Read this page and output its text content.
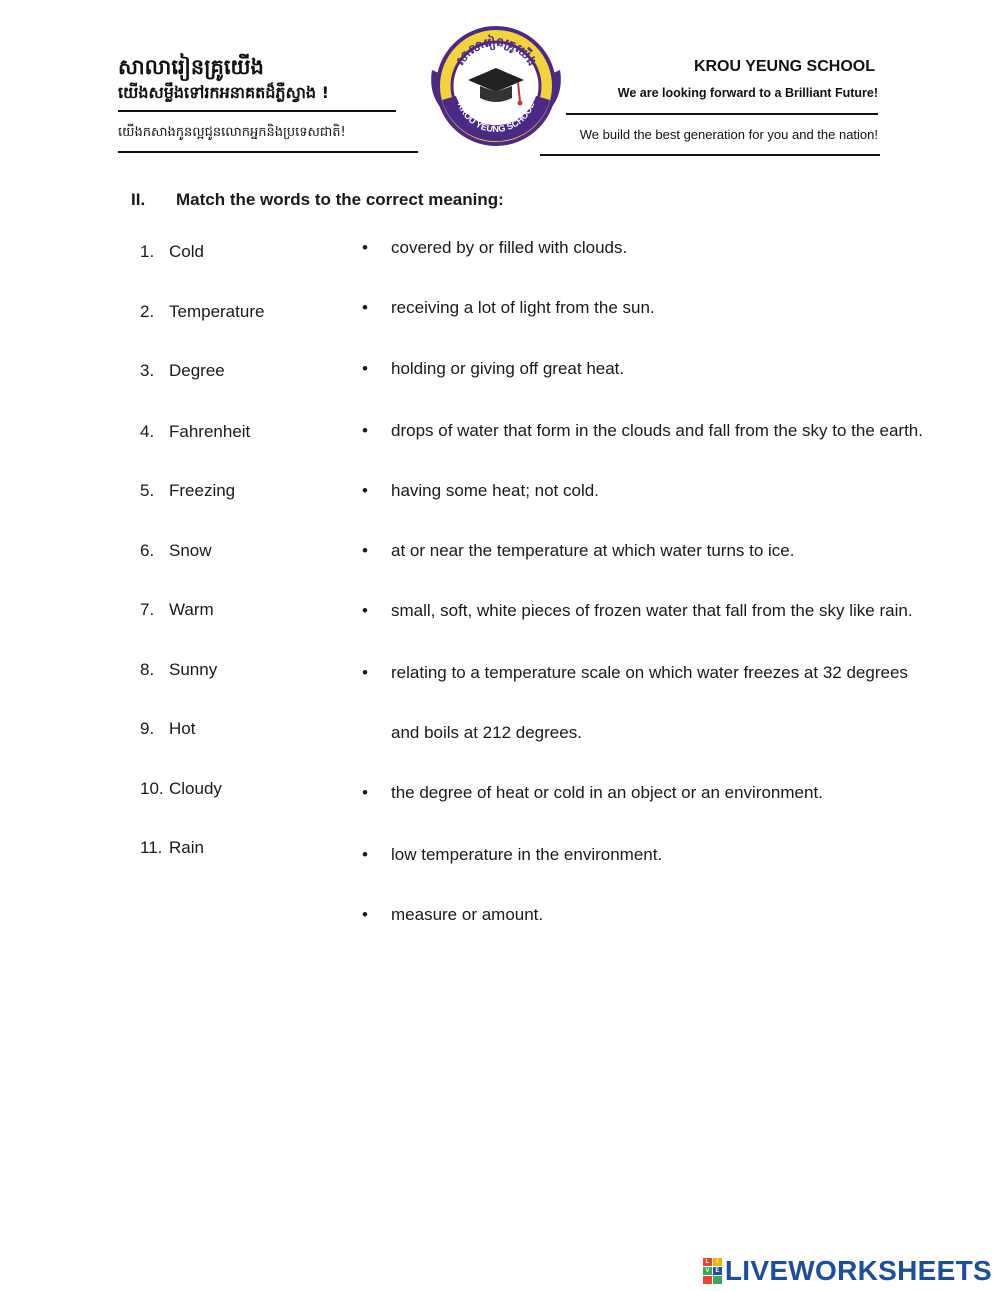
សាលារៀនគ្រូយើង
យើងសម្លឹងទៅរកអនាគតដ៏ភ្លឺស្វាង !
យើងកសាងកូនល្អជូនលោកអ្នកនិងប្រទេសជាតិ!
KROU YEUNG SCHOOL
We are looking forward to a Brilliant Future!
We build the best generation for you and the nation!
សាលារៀនគ្រូយើង
KROU YEUNG SCHOOL
II. Match the words to the correct meaning:
1. Cold
2. Temperature
3. Degree
4. Fahrenheit
5. Freezing
6. Snow
7. Warm
8. Sunny
9. Hot
10. Cloudy
11. Rain
• covered by or filled with clouds.
• receiving a lot of light from the sun.
• holding or giving off great heat.
• drops of water that form in the clouds and fall from the sky to the earth.
• having some heat; not cold.
• at or near the temperature at which water turns to ice.
• small, soft, white pieces of frozen water that fall from the sky like rain.
• relating to a temperature scale on which water freezes at 32 degrees
and boils at 212 degrees.
• the degree of heat or cold in an object or an environment.
• low temperature in the environment.
• measure or amount.
L	I
V E LIVEWORKSHEETS
